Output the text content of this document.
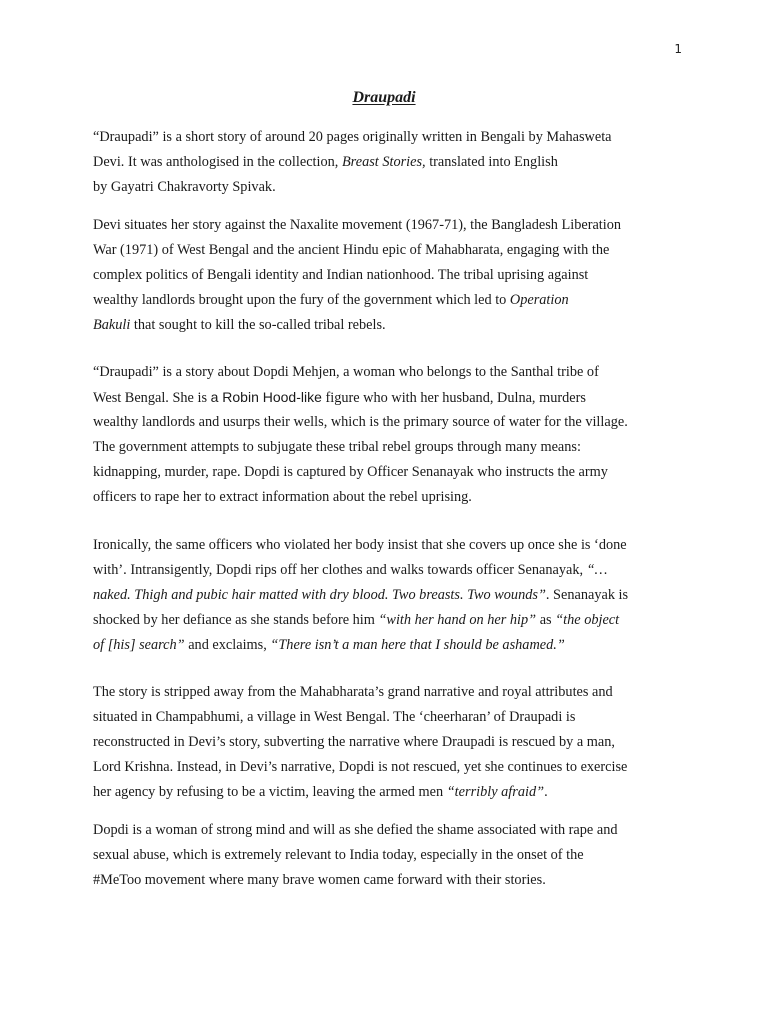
1
Draupadi
“Draupadi” is a short story of around 20 pages originally written in Bengali by Mahasweta
Devi. It was anthologised in the collection, Breast Stories, translated into English
by Gayatri Chakravorty Spivak.
Devi situates her story against the Naxalite movement (1967-71), the Bangladesh Liberation
War (1971) of West Bengal and the ancient Hindu epic of Mahabharata, engaging with the
complex politics of Bengali identity and Indian nationhood. The tribal uprising against
wealthy landlords brought upon the fury of the government which led to Operation
Bakuli that sought to kill the so-called tribal rebels.
“Draupadi” is a story about Dopdi Mehjen, a woman who belongs to the Santhal tribe of
West Bengal. She is a Robin Hood-like figure who with her husband, Dulna, murders
wealthy landlords and usurps their wells, which is the primary source of water for the village.
The government attempts to subjugate these tribal rebel groups through many means:
kidnapping, murder, rape. Dopdi is captured by Officer Senanayak who instructs the army
officers to rape her to extract information about the rebel uprising.
Ironically, the same officers who violated her body insist that she covers up once she is ‘done
with’. Intransigently, Dopdi rips off her clothes and walks towards officer Senanayak, “…
naked. Thigh and pubic hair matted with dry blood. Two breasts. Two wounds”. Senanayak is
shocked by her defiance as she stands before him “with her hand on her hip” as “the object
of [his] search” and exclaims, “There isn’t a man here that I should be ashamed.”
The story is stripped away from the Mahabharata’s grand narrative and royal attributes and
situated in Champabhumi, a village in West Bengal. The ‘cheerharan’ of Draupadi is
reconstructed in Devi’s story, subverting the narrative where Draupadi is rescued by a man,
Lord Krishna. Instead, in Devi’s narrative, Dopdi is not rescued, yet she continues to exercise
her agency by refusing to be a victim, leaving the armed men “terribly afraid”.
Dopdi is a woman of strong mind and will as she defied the shame associated with rape and
sexual abuse, which is extremely relevant to India today, especially in the onset of the
#MeToo movement where many brave women came forward with their stories.
